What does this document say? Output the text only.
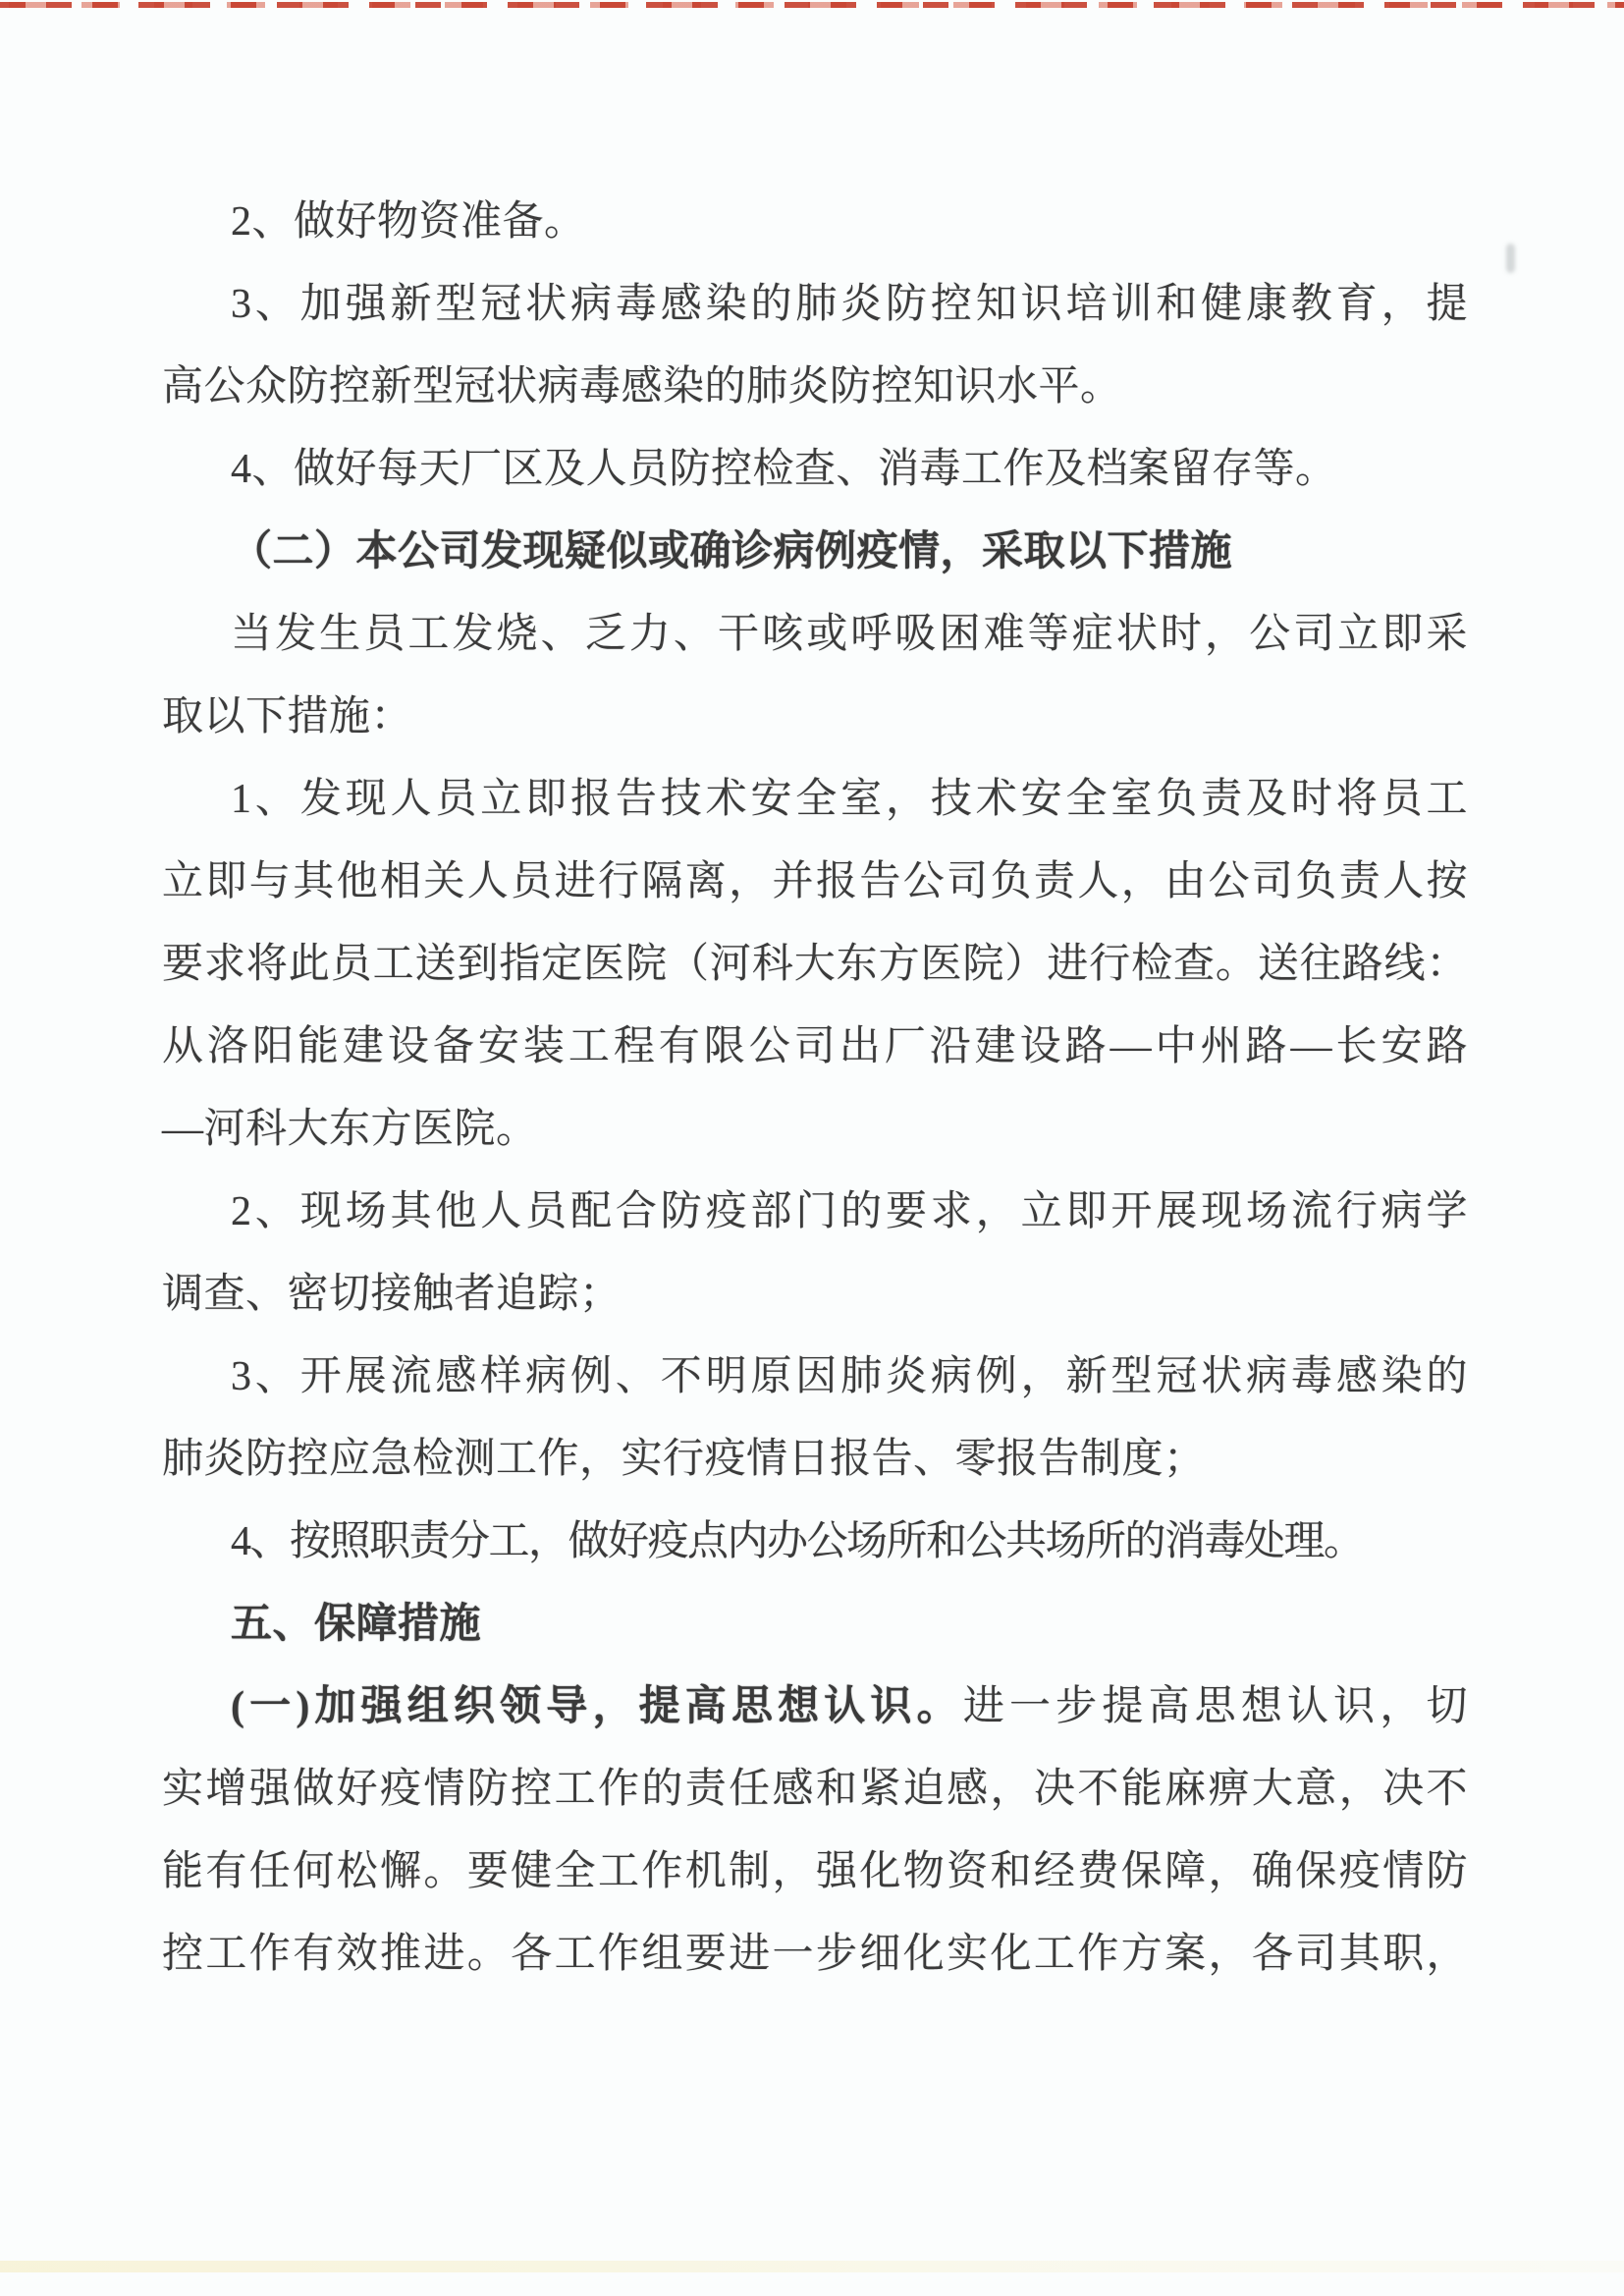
2、做好物资准备。
3、加强新型冠状病毒感染的肺炎防控知识培训和健康教育，提
高公众防控新型冠状病毒感染的肺炎防控知识水平。
4、做好每天厂区及人员防控检查、消毒工作及档案留存等。
（二）本公司发现疑似或确诊病例疫情，采取以下措施
当发生员工发烧、乏力、干咳或呼吸困难等症状时，公司立即采
取以下措施：
1、发现人员立即报告技术安全室，技术安全室负责及时将员工
立即与其他相关人员进行隔离，并报告公司负责人，由公司负责人按
要求将此员工送到指定医院（河科大东方医院）进行检查。送往路线：
从洛阳能建设备安装工程有限公司出厂沿建设路—中州路—长安路
—河科大东方医院。
2、现场其他人员配合防疫部门的要求，立即开展现场流行病学
调查、密切接触者追踪；
3、开展流感样病例、不明原因肺炎病例，新型冠状病毒感染的
肺炎防控应急检测工作，实行疫情日报告、零报告制度；
4、按照职责分工，做好疫点内办公场所和公共场所的消毒处理。
五、保障措施
(一)加强组织领导，提高思想认识。进一步提高思想认识，切
实增强做好疫情防控工作的责任感和紧迫感，决不能麻痹大意，决不
能有任何松懈。要健全工作机制，强化物资和经费保障，确保疫情防
控工作有效推进。各工作组要进一步细化实化工作方案，各司其职，
